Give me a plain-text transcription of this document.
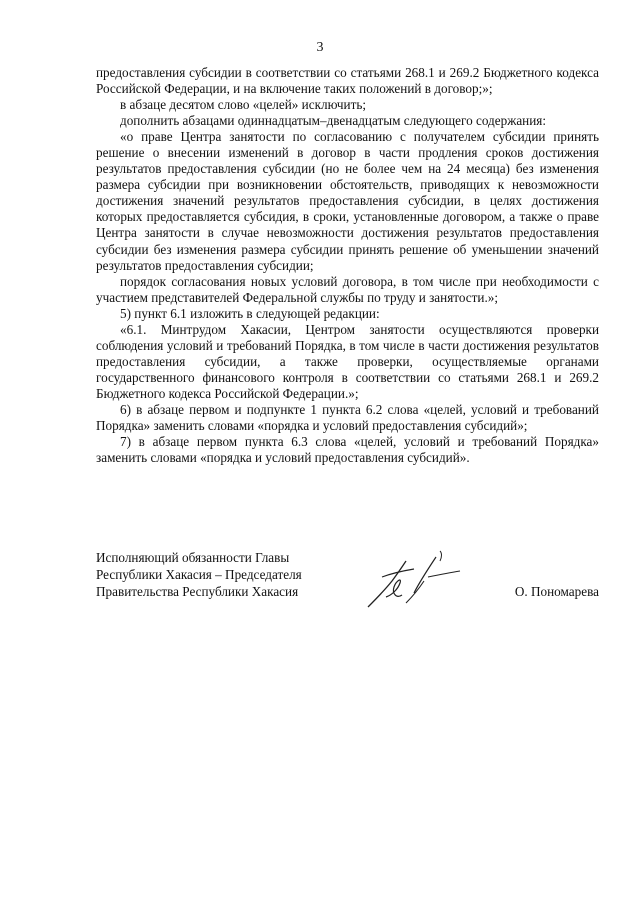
3

предоставления субсидии в соответствии со статьями 268.1 и 269.2 Бюджетного кодекса Российской Федерации, и на включение таких положений в договор;»;

в абзаце десятом слово «целей» исключить;

дополнить абзацами одиннадцатым–двенадцатым следующего содержания:

«о праве Центра занятости по согласованию с получателем субсидии принять решение о внесении изменений в договор в части продления сроков достижения результатов предоставления субсидии (но не более чем на 24 месяца) без изменения размера субсидии при возникновении обстоятельств, приводящих к невозможности достижения значений результатов предоставления субсидии, в целях достижения которых предоставляется субсидия, в сроки, установленные договором, а также о праве Центра занятости в случае невозможности достижения результатов предоставления субсидии без изменения размера субсидии принять решение об уменьшении значений результатов предоставления субсидии;

порядок согласования новых условий договора, в том числе при необходимости с участием представителей Федеральной службы по труду и занятости.»;

5) пункт 6.1 изложить в следующей редакции:

«6.1. Минтрудом Хакасии, Центром занятости осуществляются проверки соблюдения условий и требований Порядка, в том числе в части достижения результатов предоставления субсидии, а также проверки, осуществляемые органами государственного финансового контроля в соответствии со статьями 268.1 и 269.2 Бюджетного кодекса Российской Федерации.»;

6) в абзаце первом и подпункте 1 пункта 6.2 слова «целей, условий и требований Порядка» заменить словами «порядка и условий предоставления субсидий»;

7) в абзаце первом пункта 6.3 слова «целей, условий и требований Порядка» заменить словами «порядка и условий предоставления субсидий».

Исполняющий обязанности Главы
Республики Хакасия – Председателя
Правительства Республики Хакасия	О. Пономарева
